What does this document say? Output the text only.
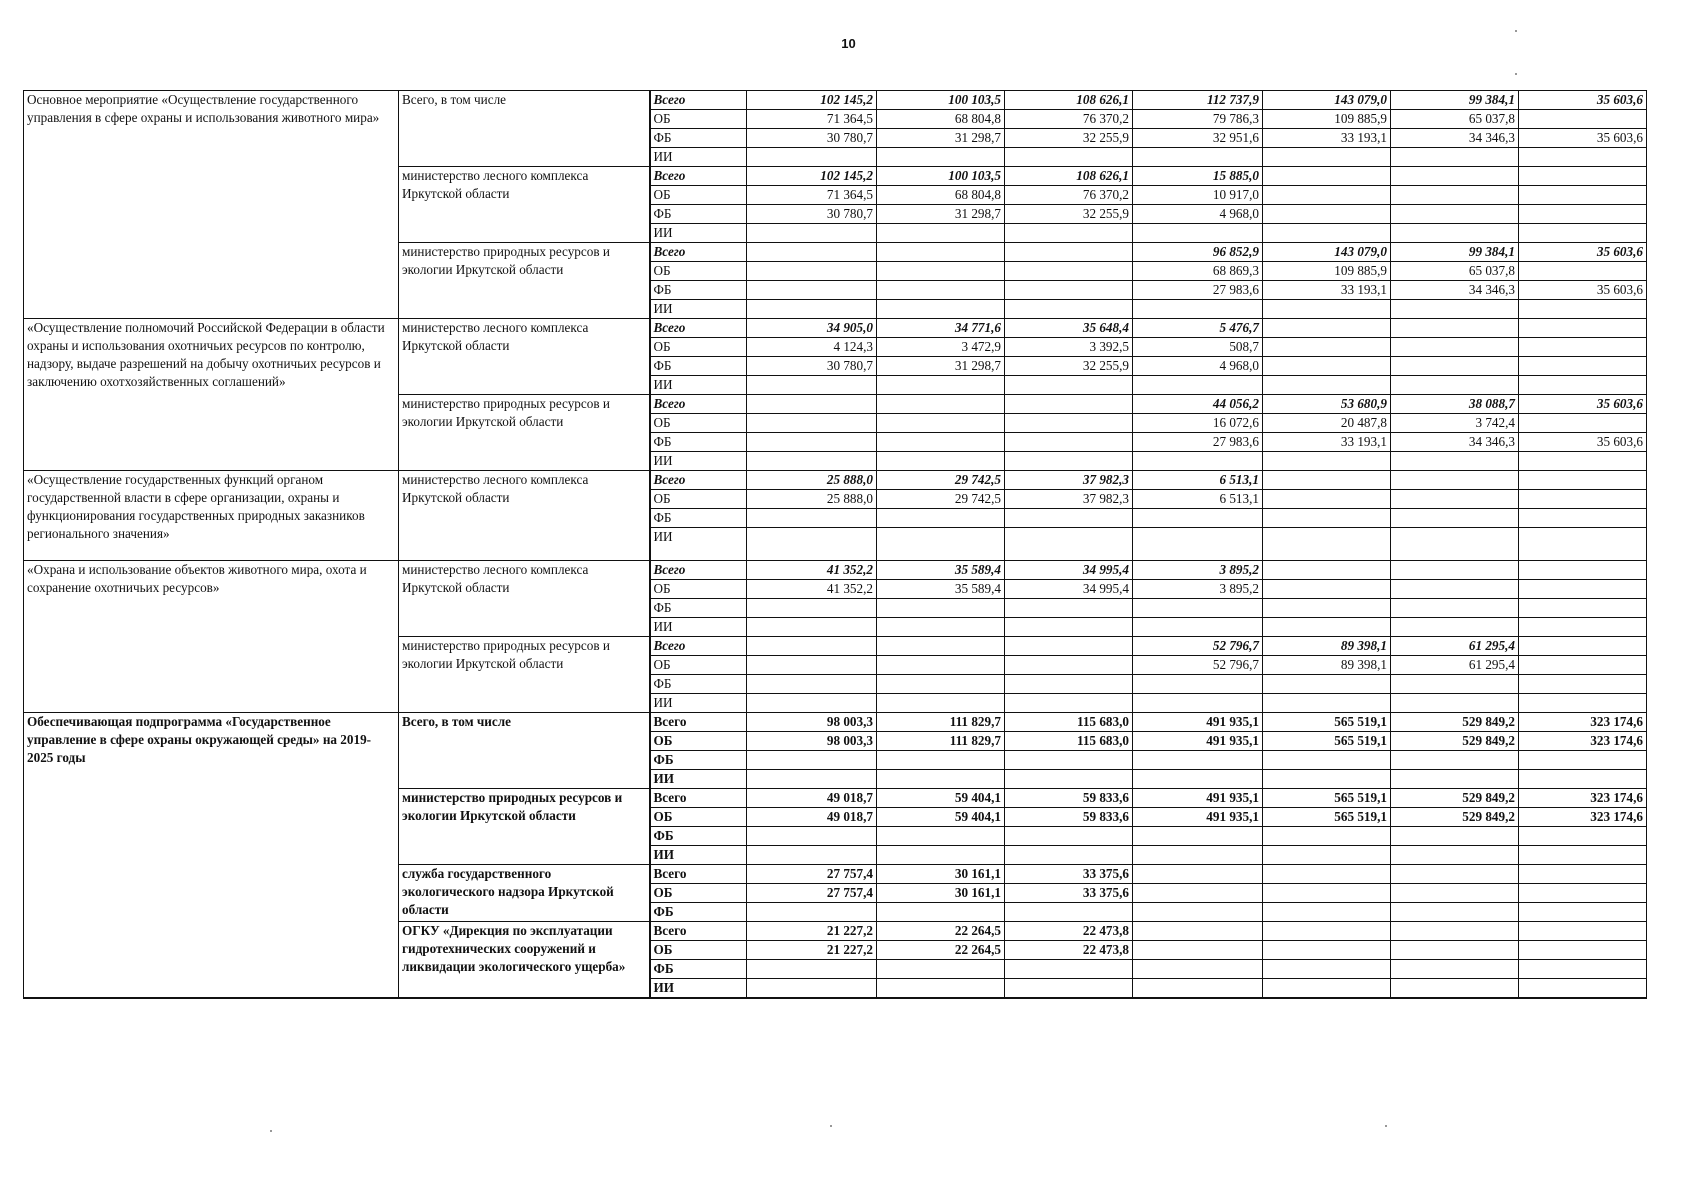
10
Основное мероприятие «Осуществление государственного управления в сфере охраны и использования животного мира»	Всего, в том числе	Всего	102 145,2	100 103,5	108 626,1	112 737,9	143 079,0	99 384,1	35 603,6
		ОБ	71 364,5	68 804,8	76 370,2	79 786,3	109 885,9	65 037,8	
		ФБ	30 780,7	31 298,7	32 255,9	32 951,6	33 193,1	34 346,3	35 603,6
		ИИ							
	министерство лесного комплекса Иркутской области	Всего	102 145,2	100 103,5	108 626,1	15 885,0			
		ОБ	71 364,5	68 804,8	76 370,2	10 917,0			
		ФБ	30 780,7	31 298,7	32 255,9	4 968,0			
		ИИ							
	министерство природных ресурсов и экологии Иркутской области	Всего				96 852,9	143 079,0	99 384,1	35 603,6
		ОБ				68 869,3	109 885,9	65 037,8	
		ФБ				27 983,6	33 193,1	34 346,3	35 603,6
		ИИ							
«Осуществление полномочий Российской Федерации в области охраны и использования охотничьих ресурсов по контролю, надзору, выдаче разрешений на добычу охотничьих ресурсов и заключению охотхозяйственных соглашений»	министерство лесного комплекса Иркутской области	Всего	34 905,0	34 771,6	35 648,4	5 476,7			
		ОБ	4 124,3	3 472,9	3 392,5	508,7			
		ФБ	30 780,7	31 298,7	32 255,9	4 968,0			
		ИИ							
	министерство природных ресурсов и экологии Иркутской области	Всего				44 056,2	53 680,9	38 088,7	35 603,6
		ОБ				16 072,6	20 487,8	3 742,4	
		ФБ				27 983,6	33 193,1	34 346,3	35 603,6
		ИИ							
«Осуществление государственных функций органом государственной власти в сфере организации, охраны и функционирования государственных природных заказников регионального значения»	министерство лесного комплекса Иркутской области	Всего	25 888,0	29 742,5	37 982,3	6 513,1			
		ОБ	25 888,0	29 742,5	37 982,3	6 513,1			
		ФБ							
		ИИ							
«Охрана и использование объектов животного мира, охота и сохранение охотничьих ресурсов»	министерство лесного комплекса Иркутской области	Всего	41 352,2	35 589,4	34 995,4	3 895,2			
		ОБ	41 352,2	35 589,4	34 995,4	3 895,2			
		ФБ							
		ИИ							
	министерство природных ресурсов и экологии Иркутской области	Всего				52 796,7	89 398,1	61 295,4	
		ОБ				52 796,7	89 398,1	61 295,4	
		ФБ							
		ИИ							
Обеспечивающая подпрограмма «Государственное управление в сфере охраны окружающей среды» на 2019-2025 годы	Всего, в том числе	Всего	98 003,3	111 829,7	115 683,0	491 935,1	565 519,1	529 849,2	323 174,6
		ОБ	98 003,3	111 829,7	115 683,0	491 935,1	565 519,1	529 849,2	323 174,6
		ФБ							
		ИИ							
	министерство природных ресурсов и экологии Иркутской области	Всего	49 018,7	59 404,1	59 833,6	491 935,1	565 519,1	529 849,2	323 174,6
		ОБ	49 018,7	59 404,1	59 833,6	491 935,1	565 519,1	529 849,2	323 174,6
		ФБ							
		ИИ							
	служба государственного экологического надзора Иркутской области	Всего	27 757,4	30 161,1	33 375,6				
		ОБ	27 757,4	30 161,1	33 375,6				
		ФБ							
	ОГКУ «Дирекция по эксплуатации гидротехнических сооружений и ликвидации экологического ущерба»	Всего	21 227,2	22 264,5	22 473,8				
		ОБ	21 227,2	22 264,5	22 473,8				
		ФБ							
		ИИ							
